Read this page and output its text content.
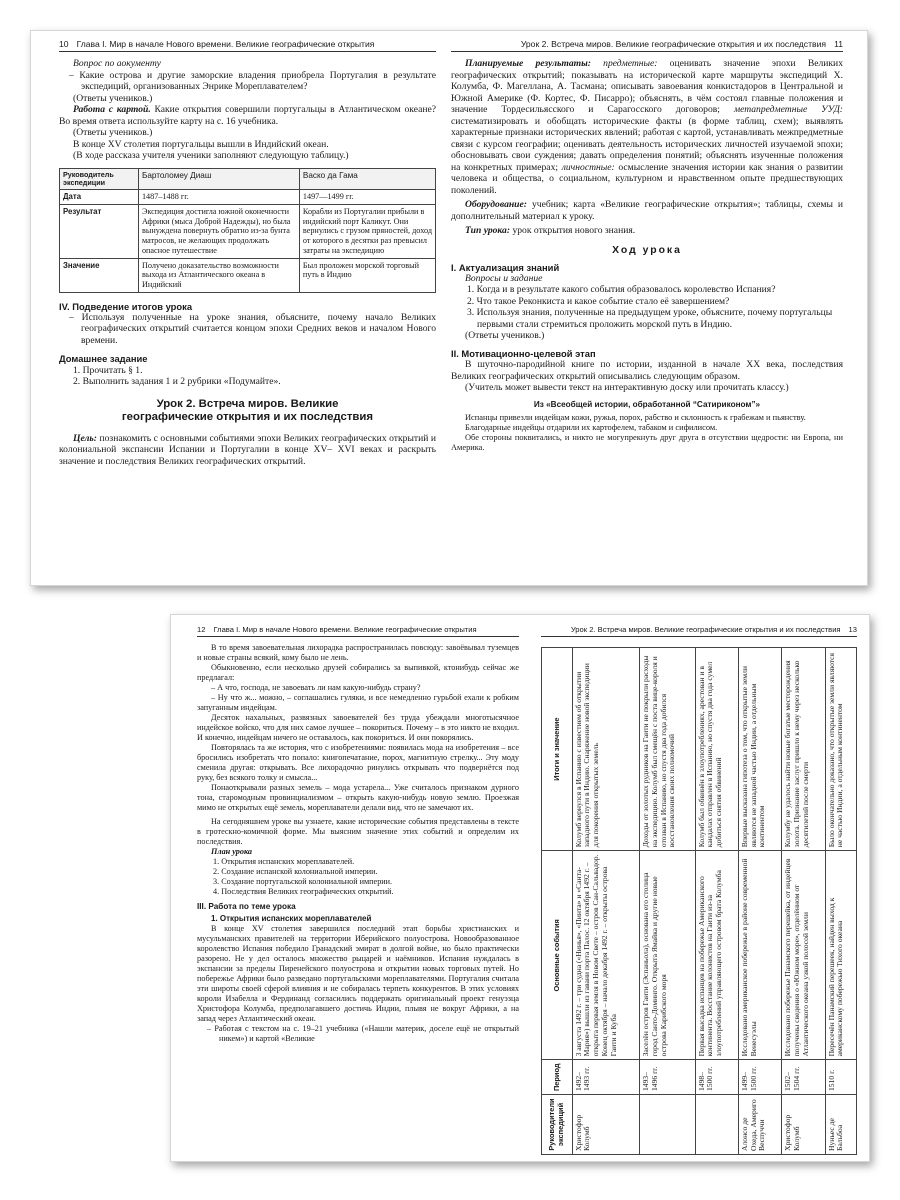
10 Глава I. Мир в начале Нового времени. Великие географические открытия

Вопрос по аокументу

– Какие острова и другие заморские владения приобрела Португалия в результате экспедиций, организованных Энрике Мореплавателем?

(Ответы учеников.)

Работа с картой. Какие открытия совершили португальцы в Атлантическом океане? Во время ответа используйте карту на с. 16 учебника.

(Ответы учеников.)

В конце XV столетия португальцы вышли в Индийский океан.

(В ходе рассказа учителя ученики заполняют следующую таблицу.)

Руководитель экспедиции	Бартоломеу Диаш	Васко да Гама
Дата	1487–1488 гг.	1497—1499 гг.
Результат	Экспедиция достигла южной оконечности Африки (мыса Доброй Надежды), но была вынуждена повернуть обратно из-за бунта матросов, не желающих продолжать опасное путешествие	Корабли из Португалии прибыли в индийский порт Каликут. Они вернулись с грузом пряностей, доход от которого в десятки раз превысил затраты на экспедицию
Значение	Получено доказательство возможности выхода из Атлантического океана в Индийский	Был проложен морской торговый путь в Индию

IV. Подведение итогов урока

– Используя полученные на уроке знания, объясните, почему начало Великих географических открытий считается концом эпохи Средних веков и началом Нового времени.

Домашнее задание

1. Прочитать § 1.

2. Выполнить задания 1 и 2 рубрики «Подумайте».

Урок 2. Встреча миров. Великие
географические открытия и их последствия

Цель: познакомить с основными событиями эпохи Великих географических открытий и колониальной экспансии Испании и Португалии в конце XV– XVI веках и раскрыть значение и последствия Великих географических открытий.

Урок 2. Встреча миров. Великие географические открытия и их последствия 11

Планируемые результаты: предметные: оценивать значение эпохи Великих географических открытий; показывать на исторической карте маршруты экспедиций Х. Колумба, Ф. Магеллана, А. Тасмана; описывать завоевания конкистадоров в Центральной и Южной Америке (Ф. Кортес, Ф. Писарро); объяснять, в чём состоял главные положения и значение Тордесильясского и Сарагосского договоров; метапредметные УУД: систематизировать и обобщать исторические факты (в форме таблиц, схем); выявлять характерные признаки исторических явлений; работая с картой, устанавливать межпредметные связи с курсом географии; оценивать деятельность исторических личностей изучаемой эпохи; обосновывать свои суждения; давать определения понятий; объяснять изученные положения на конкретных примерах; личностные: осмысление значения истории как знания о развитии человека и общества, о социальном, культурном и нравственном опыте предшествующих поколений.

Оборудование: учебник; карта «Великие географические открытия»; таблицы, схемы и дополнительный материал к уроку.

Тип урока: урок открытия нового знания.

Ход урока

I. Актуализация знаний

Вопросы и задание

1. Когда и в результате какого события образовалось королевство Испания?
2. Что такое Реконкиста и какое событие стало её завершением?
3. Используя знания, полученные на предыдущем уроке, объясните, почему португальцы первыми стали стремиться проложить морской путь в Индию.

(Ответы учеников.)

II. Мотивационно-целевой этап

В шуточно-пародийной книге по истории, изданной в начале XX века, последствия Великих географических открытий описывались следующим образом.

(Учитель может вывести текст на интерактивную доску или прочитать классу.)

Из «Всеобщей истории, обработанной “Сатириконом”»

Испанцы привезли индейцам кожи, ружья, порох, рабство и склонность к грабежам и пьянству.

Благодарные индейцы отдарили их картофелем, табаком и сифилисом.

Обе стороны поквитались, и никто не могупрекнуть друг друга в отсутствии щедрости: ни Европа, ни Америка.

12 Глава I. Мир в начале Нового времени. Великие географические открытия

В то время завоевательная лихорадка распространилась повсюду: завоёвывал туземцев и новые страны всякий, кому было не лень.

Обыкновенно, если несколько друзей собирались за выпивкой, ктонибудь сейчас же предлагал:

– А что, господа, не завоевать ли нам какую-нибудь страну?

– Ну что ж... можно, – соглашались гуляки, и все немедленно гурьбой ехали к робким запуганным индейцам.

Десяток нахальных, развязных завоевателей без труда убеждали многотысячное индейское войско, что для них самое лучшее – покориться. Почему – в это никто не входил. И конечно, индейцам ничего не оставалось, как покориться. И они покорялись.

Повторялась та же история, что с изобретениями: появилась мода на изобретения – все бросились изобретать что попало: книгопечатание, порох, магнитную стрелку... Эту моду сменила другая: открывать. Все лихорадочно ринулись открывать что подвернётся под руку, без всякого толку и смысла...

Понаоткрывали разных земель – мода устарела... Уже считалось признаком дурного тона, старомодным провинциализмом – открыть какую-нибудь новую землю. Проезжая мимо не открытых ещё земель, мореплаватели делали вид, что не замечают их.

На сегодняшнем уроке вы узнаете, какие исторические события представлены в тексте в гротескно-комичной форме. Мы выясним значение этих событий и определим их последствия.

План урока

1. Открытия испанских мореплавателей.
2. Создание испанской колониальной империи.
3. Создание португальской колониальной империи.
4. Последствия Великих географических открытий.

III. Работа по теме урока

1. Открытия испанских мореплавателей

В конце XV столетия завершился последний этап борьбы христианских и мусульманских правителей на территории Иберийского полуострова. Новообразованное королевство Испания победило Гранадский эмират в долгой войне, но было практически разорено. Не у дел осталось множество рыцарей и наёмников. Испания нуждалась в экспансии за пределы Пиренейского полуострова и открытии новых торговых путей. Но побережье Африки было разведано португальскими мореплавателями. Португалия считала эти широты своей сферой влияния и не собиралась терпеть конкурентов. В этих условиях короли Изабелла и Фердинанд согласились поддержать оригинальный проект генуэзца Христофора Колумба, предполагавшего достичь Индии, плывя не вокруг Африки, а на запад через Атлантический океан.

– Работая с текстом на с. 19–21 учебника («Нашли материк, доселе ещё не открытый никем») и картой «Великие

Урок 2. Встреча миров. Великие географические открытия и их последствия 13
Руководители экспедиций	Период	Основные события	Итоги и значение
Христофор Колумб	1492–1493 гг.	3 августа 1492 г. – три судна («Нинья», «Пинта» и «Санта-Мария») вышли из гавани порта Палос. 12 октября 1492 г. – открыта первая земля в Новом Свете – остров Сан-Сальвадор. Конец октября – начало декабря 1492 г. – открыты острова Гаити и Куба	Колумб вернулся в Испанию с известием об открытии западного пути в Индию. Снаряжение новой экспедиции для покорения открытых земель
	1493–1496 гг.	Заселён остров Гаити (Эспаньола), основана его столица город Санто-Доминго. Открыта Ямайка и другие новые острова Карибского моря	Доходы от золотых рудников на Гаити не покрыли расходы на экспедицию. Колумб был смещён с поста вице-короля и отозван в Испанию, но спустя два года добился восстановления своих полномочий
	1498–1500 гг.	Первая высадка испанцев на побережье Американского континента. Восстание колонистов на Гаити из-за злоупотреблений управляющего островом брата Колумба	Колумб был обвинён в злоупотреблениях, арестован и в кандалах отправлен в Испанию, но спустя два года сумел добиться снятия обвинений
Алонсо де Охеда, Америго Веспуччи	1499–1500 гг.	Исследовано американское побережье в районе современной Венесуэлы	Впервые высказана гипотеза о том, что открытые земли являются не западной частью Индии, а отдельным континентом
Христофор Колумб	1502–1504 гг.	Исследовано побережье Панамского перешейка, от индейцев получены сведения о «Южном море», отделённом от Атлантического океана узкой полосой земли	Колумбу не удалось найти новые богатые месторождения золота. Признание заслуг пришло к нему через несколько десятилетий после смерти
Нуньес де Бальбоа	1510 г.	Пересечён Панамский перешеек, найден выход к американскому побережью Тихого океана	Было окончательно доказано, что открытые земли являются не частью Индии, а отдельным континентом
